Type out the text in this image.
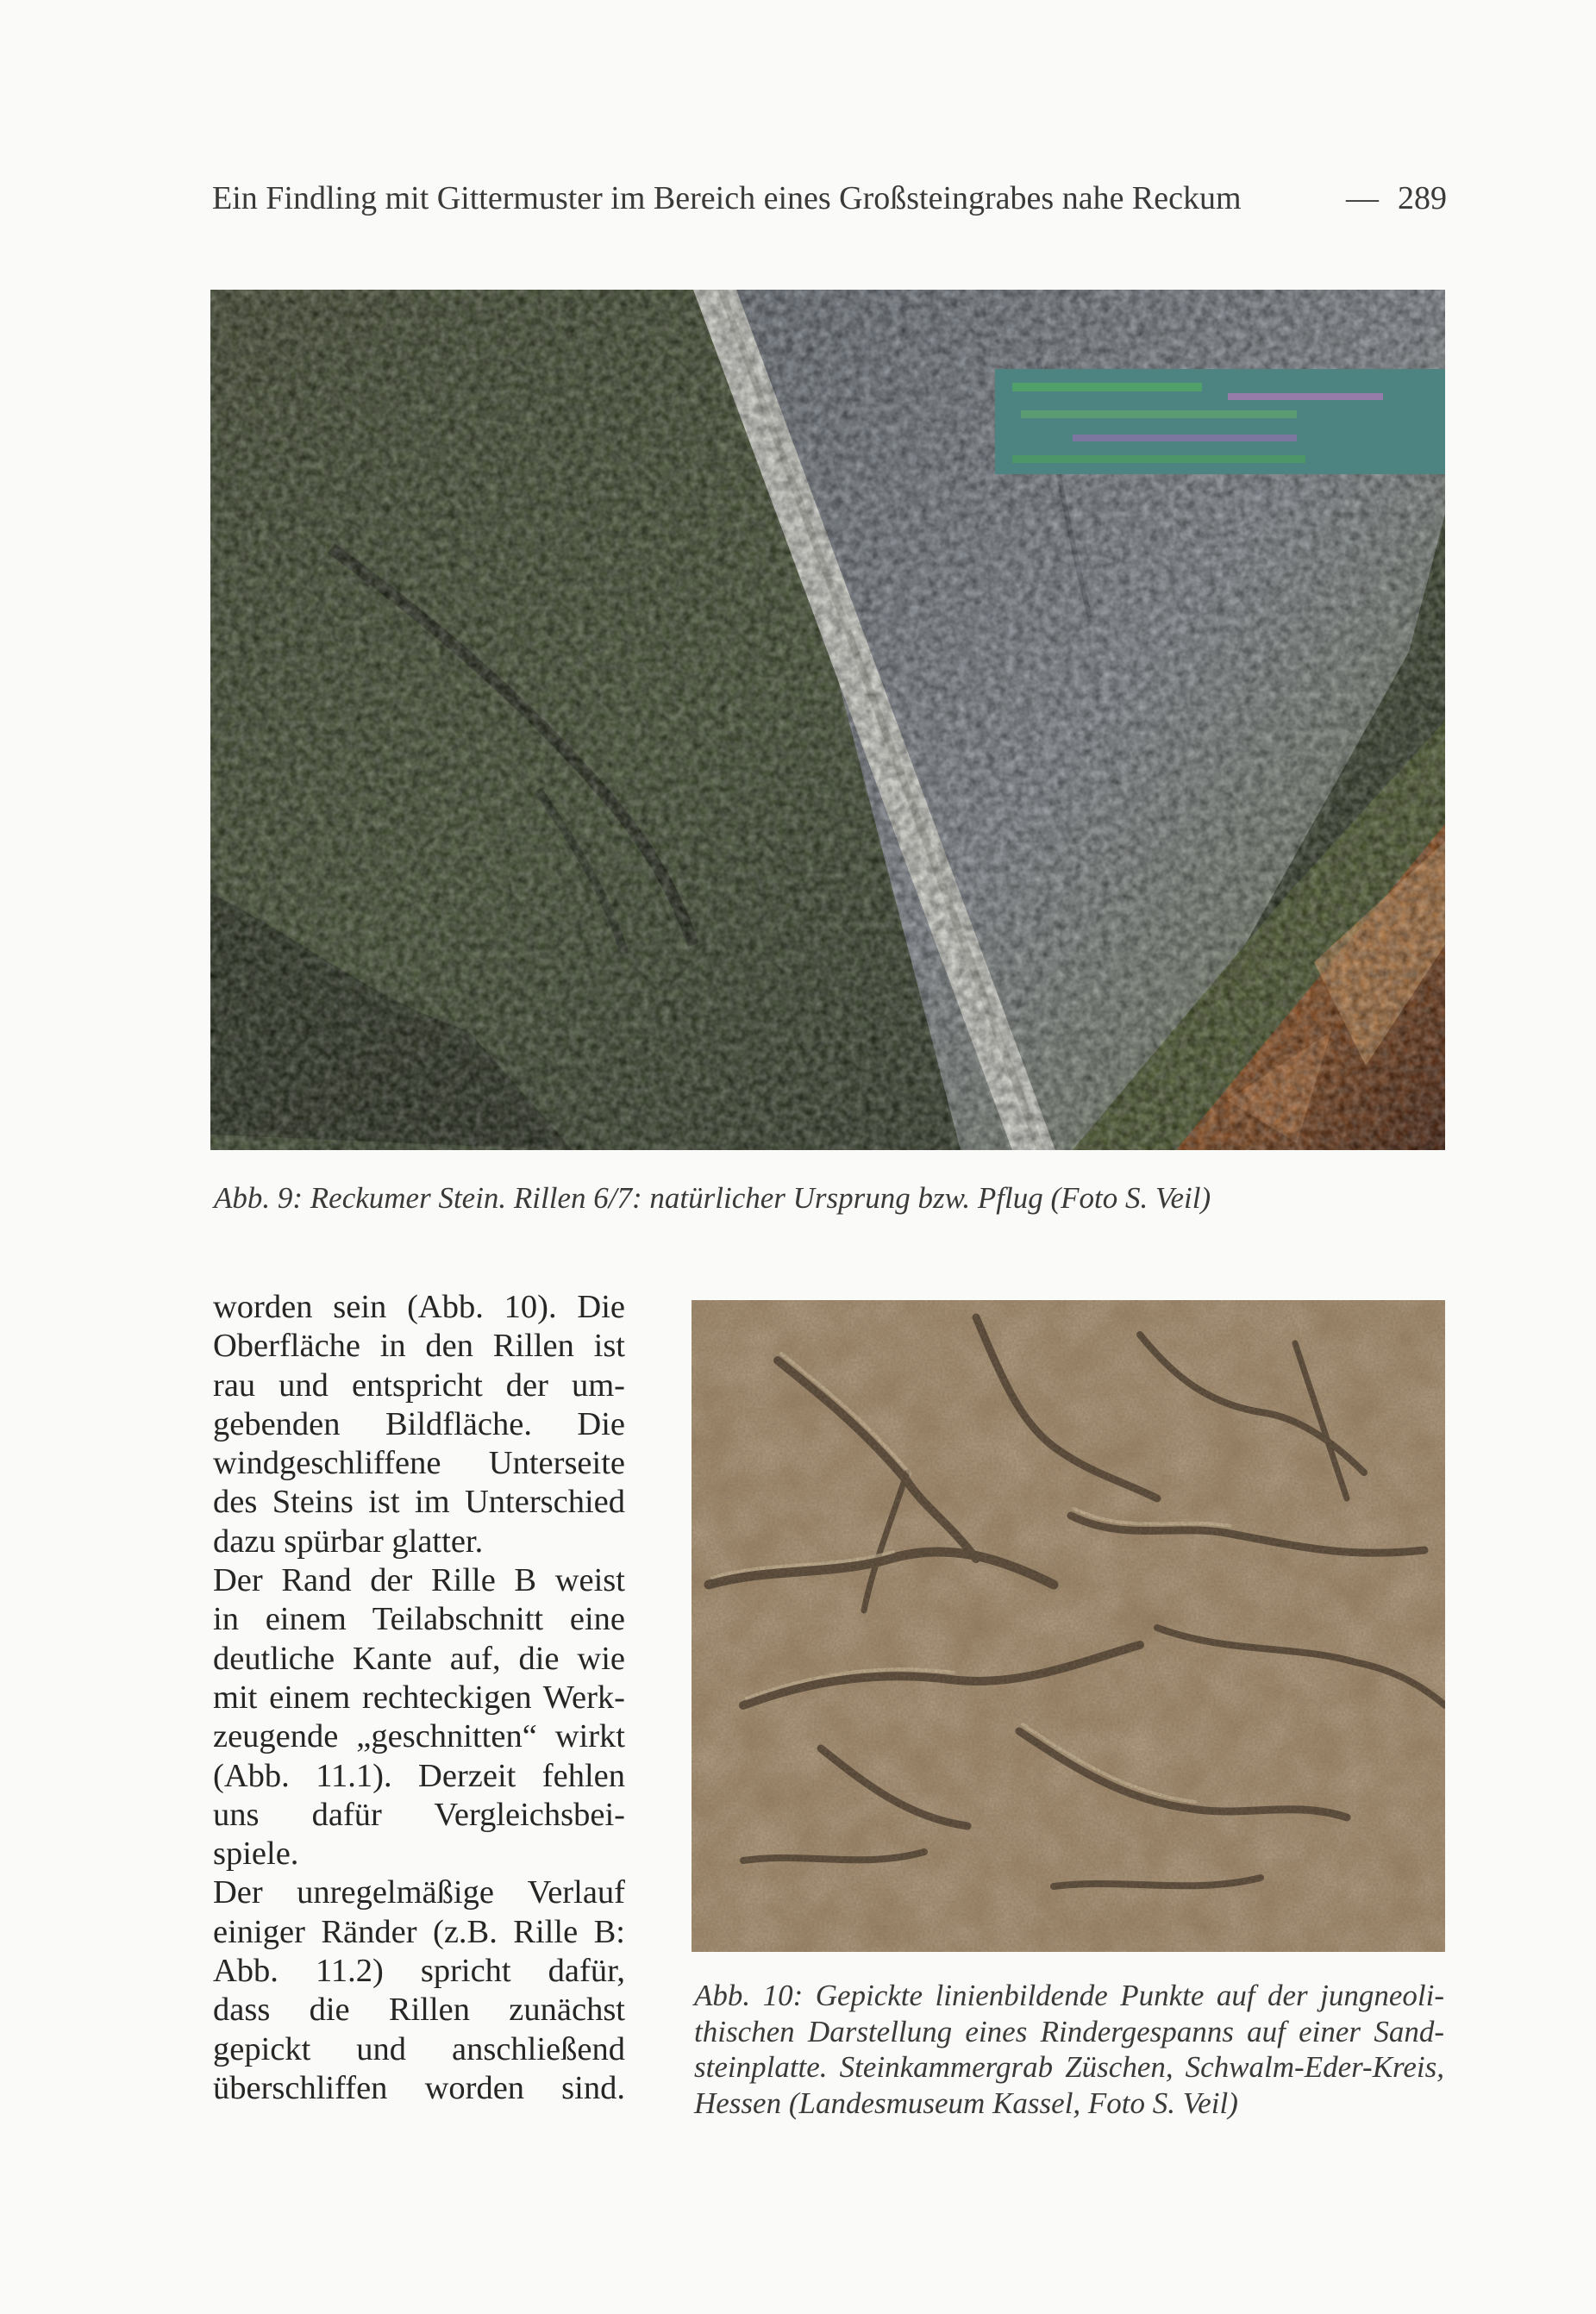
Ein Findling mit Gittermuster im Bereich eines Großsteingrabes nahe Reckum	— 289
Abb. 9: Reckumer Stein. Rillen 6/7: natürlicher Ursprung bzw. Pflug (Foto S. Veil)
worden sein (Abb. 10). Die
Oberfläche in den Rillen ist
rau und entspricht der um-
gebenden Bildfläche. Die
windgeschliffene Unterseite
des Steins ist im Unterschied
dazu spürbar glatter.
Der Rand der Rille B weist
in einem Teilabschnitt eine
deutliche Kante auf, die wie
mit einem rechteckigen Werk-
zeugende „geschnitten“ wirkt
(Abb. 11.1). Derzeit fehlen
uns dafür Vergleichsbei-
spiele.
Der unregelmäßige Verlauf
einiger Ränder (z.B. Rille B:
Abb. 11.2) spricht dafür,
dass die Rillen zunächst
gepickt und anschließend
überschliffen worden sind.
Abb. 10: Gepickte linienbildende Punkte auf der jungneoli-
thischen Darstellung eines Rindergespanns auf einer Sand-
steinplatte. Steinkammergrab Züschen, Schwalm-Eder-Kreis,
Hessen (Landesmuseum Kassel, Foto S. Veil)
